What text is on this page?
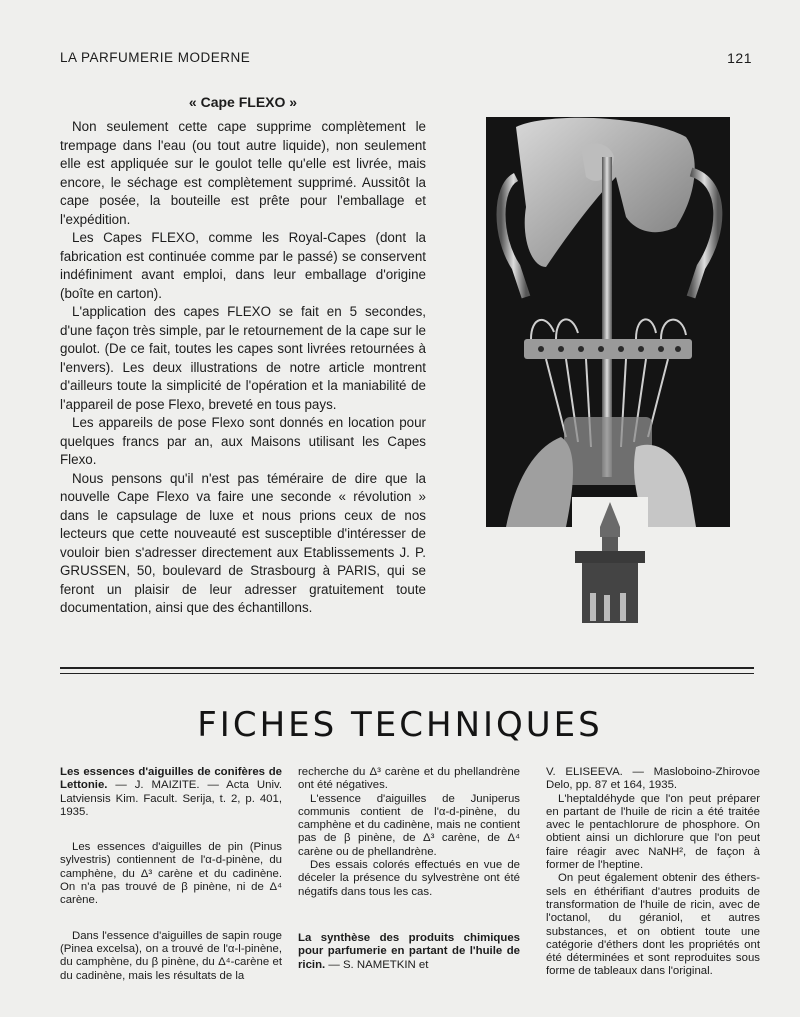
LA PARFUMERIE MODERNE	121
« Cape FLEXO »

Non seulement cette cape supprime complètement le trempage dans l'eau (ou tout autre liquide), non seulement elle est appliquée sur le goulot telle qu'elle est livrée, mais encore, le séchage est complètement supprimé. Aussitôt la cape posée, la bouteille est prête pour l'emballage et l'expédition.

Les Capes FLEXO, comme les Royal-Capes (dont la fabrication est continuée comme par le passé) se conservent indéfiniment avant emploi, dans leur emballage d'origine (boîte en carton).

L'application des capes FLEXO se fait en 5 secondes, d'une façon très simple, par le retournement de la cape sur le goulot. (De ce fait, toutes les capes sont livrées retournées à l'envers). Les deux illustrations de notre article montrent d'ailleurs toute la simplicité de l'opération et la maniabilité de l'appareil de pose Flexo, breveté en tous pays.

Les appareils de pose Flexo sont donnés en location pour quelques francs par an, aux Maisons utilisant les Capes Flexo.

Nous pensons qu'il n'est pas téméraire de dire que la nouvelle Cape Flexo va faire une seconde « révolution » dans le capsulage de luxe et nous prions ceux de nos lecteurs que cette nouveauté est susceptible d'intéresser de vouloir bien s'adresser directement aux Etablissements J. P. GRUSSEN, 50, boulevard de Strasbourg à PARIS, qui se feront un plaisir de leur adresser gratuitement toute documentation, ainsi que des échantillons.

FICHES TECHNIQUES

Les essences d'aiguilles de conifères de Lettonie. — J. MAIZITE. — Acta Univ. Latviensis Kim. Facult. Serija, t. 2, p. 401, 1935.

Les essences d'aiguilles de pin (Pinus sylvestris) contiennent de l'α-d-pinène, du camphène, du Δ³ carène et du cadinène. On n'a pas trouvé de β pinène, ni de Δ⁴ carène.

Dans l'essence d'aiguilles de sapin rouge (Pinea excelsa), on a trouvé de l'α-l-pinène, du camphène, du β pinène, du Δ⁴-carène et du cadinène, mais les résultats de la

recherche du Δ³ carène et du phellandrène ont été négatives.

L'essence d'aiguilles de Juniperus communis contient de l'α-d-pinène, du camphène et du cadinène, mais ne contient pas de β pinène, de Δ³ carène, de Δ⁴ carène ou de phellandrène.

Des essais colorés effectués en vue de déceler la présence du sylvestrène ont été négatifs dans tous les cas.

La synthèse des produits chimiques pour parfumerie en partant de l'huile de ricin. — S. NAMETKIN et

V. ELISEEVA. — Masloboino-Zhirovoe Delo, pp. 87 et 164, 1935.

L'heptaldéhyde que l'on peut préparer en partant de l'huile de ricin a été traitée avec le pentachlorure de phosphore. On obtient ainsi un dichlorure que l'on peut faire réagir avec NaNH², de façon à former de l'heptine.

On peut également obtenir des éthers-sels en éthérifiant d'autres produits de transformation de l'huile de ricin, avec de l'octanol, du géraniol, et autres substances, et on obtient toute une catégorie d'éthers dont les propriétés ont été déterminées et sont reproduites sous forme de tableaux dans l'original.
